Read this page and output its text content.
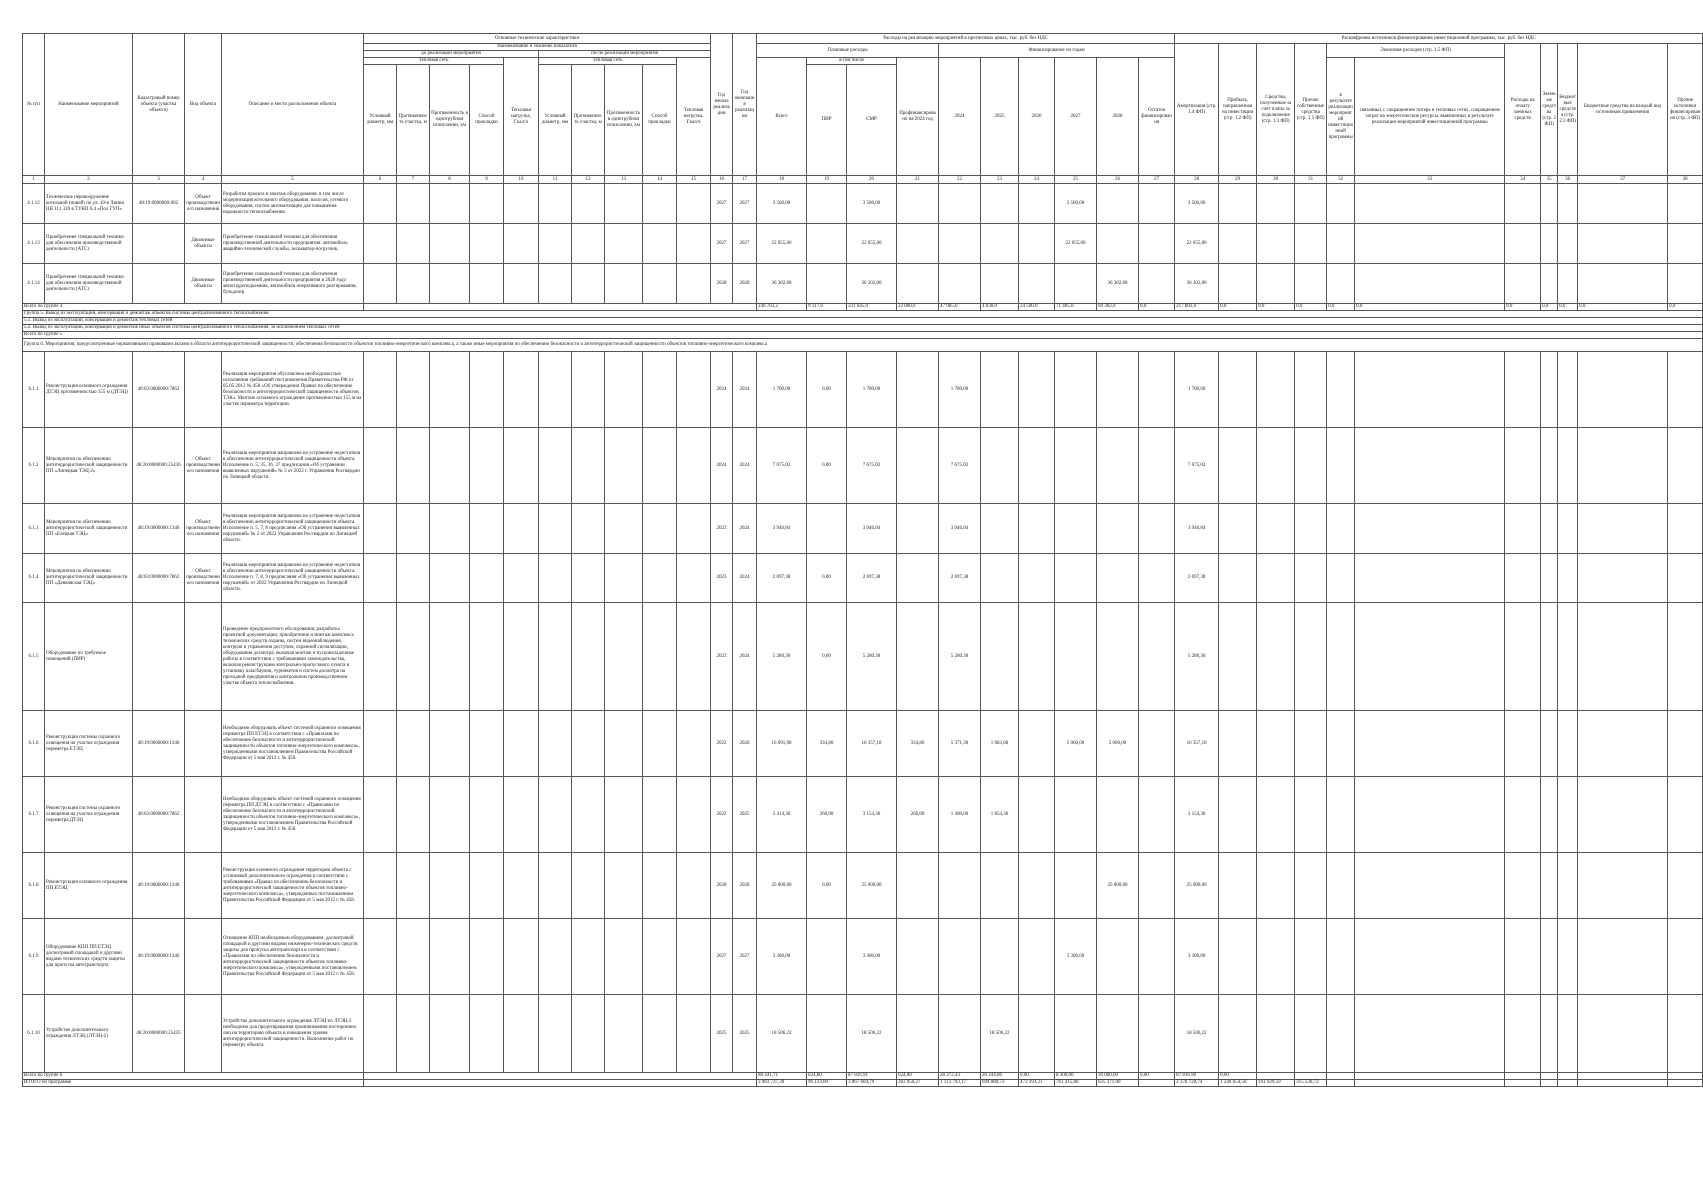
№ п/п	Наименование мероприятий	Кадастровый номер объекта (участка объекта)	Вид объекта	Описание и место расположения объекта	Основные технические характеристики										Год начала реализации	Год окончания реализации	Расходы на реализацию мероприятий в прогнозных ценах, тыс. руб. без НДС										Расшифровка источников финансирования инвестиционной программы, тыс. руб. без НДС										
					Наименование и значение показателя												Плановые расходы				Финансирование по годам						Амортизация (стр. 1.4 ФП)	Прибыль, направленная на инвестиции (стр. 1.2 ФП)	Средства, полученные за счет платы за подключение (стр. 1.3 ФП)	Прочие собственные средства (стр. 1.5 ФП)	Экономия расходов (стр. 1.5 ФП)		Расходы на оплату заемных средств	Заемные средства (стр. 2 ФП)	Бюджетные средства (стр. 2.3 ФП)	Бюджетные средства на каждый вид источников привлечения	Прочие источники финансирования (стр. 3 ФП)
					до реализации мероприятия					после реализации мероприятия																											
					Тепловая сеть				Тепловая нагрузка, Гкал/ч	Тепловая сеть				Тепловая нагрузка, Гкал/ч			Всего	в том числе		Профинансировано на 2024 год	2024	2025	2026	2027	2028	Остаток финансирования					в результате реализации мероприятий инвестиционной программы	связанных с сокращением потерь в тепловых сетях, сокращением затрат на энергетические ресурсы, выявленных в результате реализации мероприятий инвестиционной программы					
					Условный диаметр, мм	Протяженность участка, м	Протяженность в однотрубном исчислении, км	Способ прокладки		Условный диаметр, мм	Протяженность участка, м	Протяженность в однотрубном исчислении, км	Способ прокладки					ПИР	СМР																		

1	2	3	4	5	6	7	8	9	10	11	12	13	14	15	16	17	18	19	20	21	22	23	24	25	26	27	28	29	30	31	32	33	34	35	36	37	38
4.1.12	Техническое перевооружение котельной (новой) по ул. 10-я Линия ЦВ 111 320 в ТУКП 0.4 «Пол ГУП»	48:19:0000000:602	Объект производственного назначения	Разработка проекта и монтаж оборудования, в том числе модернизация котельного оборудования, насосов, сетевого оборудования, систем автоматизации для повышения надежности теплоснабжения.											2027	2027	3 500,00		3 500,00					3 500,00			3 500,00										
4.1.13	Приобретение специальной техники для обеспечения производственной деятельности (АТС)		Движимые объекты	Приобретение специальной техники для обеспечения производственной деятельности предприятия: автомобиль аварийно-технической службы, экскаватор-погрузчик.											2027	2027	22 055,00		22 055,00					22 055,00			22 055,00										
4.1.14	Приобретение специальной техники для обеспечения производственной деятельности (АТС)		Движимые объекты	Приобретение специальной техники для обеспечения производственной деятельности предприятия в 2028 году: автогидроподъемник, автомобили оперативного реагирования, бульдозер.											2028	2028	36 302,00		36 302,00						36 302,00		36 302,00										
Всего по группе 4																	240 763,2	9 117,6	231 645,0	22 860,6	47 965,6	4 030,0	24 500,0	71 405,0	69 302,0	0,0	217 802,6	0,0	0,0	0,0	0,0	0,0	0,0	0,0	0,0	0,0	0,0
Группа 5. Вывод из эксплуатации, консервация и демонтаж объектов системы централизованного теплоснабжения																																					
5.1. Вывод из эксплуатации, консервация и демонтаж тепловых сетей																																					
5.2. Вывод из эксплуатации, консервация и демонтаж иных объектов системы централизованного теплоснабжения, за исключением тепловых сетей																																					
Всего по группе 5																																					
Группа 6. Мероприятия, предусмотренные нормативными правовыми актами в области антитеррористической защищенности, обеспечения безопасности объектов топливно-энергетического комплекса, а также иные мероприятия по обеспечению безопасности и антитеррористической защищенности объектов топливно-энергетического комплекса																																					
6.1.1	Реконструкция основного ограждения ДТЭЦ протяженностью 155 м (ДТЭЦ)	48:03:0000000:7862		Реализация мероприятия обусловлена необходимостью исполнения требований постановления Правительства РФ от 05.05.2012 № 458 «Об утверждении Правил по обеспечению безопасности и антитеррористической защищенности объектов ТЭК». Монтаж основного ограждения протяженностью 155 м на участке периметра территории.											2024	2024	1 700,00	0,00	1 700,00		1 700,00						1 700,00										
6.1.2	Мероприятия по обеспечению антитеррористической защищенности ПП «Липецкая ТЭЦ-2»	48:20:0000000:25436	Объект производственного назначения	Реализация мероприятия направлена на устранение недостатков в обеспечении антитеррористической защищенности объекта. Исполнение п. 5, 35, 36, 37 предписания «Об устранении выявленных нарушений» № 3 от 2022 г. Управления Росгвардии по Липецкой области.											2024	2024	7 675,02	0,00	7 675,02		7 675,02						7 675,02										
6.1.3	Мероприятия по обеспечению антитеррористической защищенности ПП «Елецкая ТЭЦ»	48:19:0000000:1346	Объект производственного назначения	Реализация мероприятия направлена на устранение недостатков в обеспечении антитеррористической защищенности объекта. Исполнение п. 5, 7, 8 предписания «Об устранении выявленных нарушений» № 2 от 2022 Управления Росгвардии по Липецкой области.											2023	2024	3 946,84		3 946,84		3 946,84						3 946,84										
6.1.4	Мероприятия по обеспечению антитеррористической защищенности ПП «Данковская ТЭЦ»	48:03:0000000:7862	Объект производственного назначения	Реализация мероприятия направлена на устранение недостатков в обеспечении антитеррористической защищенности объекта. Исполнение п. 7, 8, 9 предписания «Об устранении выявленных нарушений» от 2022 Управления Росгвардии по Липецкой области.											2023	2024	2 697,38	0,00	2 697,38		2 697,38						2 697,38										
6.1.5	Оборудование по требуемое помещений (ПИР)			Проведение предпроектного обследования, разработка проектной документации, приобретение и монтаж комплекса технических средств охраны, систем видеонаблюдения, контроля и управления доступом, охранной сигнализации, оборудования досмотра, включая монтаж и пусконаладочные работы в соответствии с требованиями законодательства, включая реконструкцию контрольно-пропускного пункта и установку шлагбаумов, турникетов и систем досмотра на проходной предприятия и контрольном производственном участке объекта теплоснабжения.											2023	2024	5 280,30	0,00	5 280,30		5 280,30						5 280,30										
6.1.6	Реконструкция системы охранного освещения на участке ограждения периметра ЕТЭЦ	48:19:0000000:1346		Необходимо оборудовать объект системой охранного освещения периметра ПП ЕТЭЦ в соответствии с «Правилами по обеспечению безопасности и антитеррористической защищенности объектов топливно-энергетического комплекса», утвержденными постановлением Правительства Российской Федерации от 5 мая 2012 г. № 458.											2022	2026	16 691,98	334,80	16 357,18	334,80	5 371,30	1 083,68		5 060,00	5 000,00		16 357,18										
6.1.7	Реконструкция системы охранного освещения на участке ограждения периметра ДТЭЦ	48:03:0000000:7862		Необходимо оборудовать объект системой охранного освещения периметра ПП ДТЭЦ в соответствии с «Правилами по обеспечению безопасности и антитеррористической защищенности объектов топливно-энергетического комплекса», утвержденными постановлением Правительства Российской Федерации от 5 мая 2012 г. № 458.											2022	2025	3 414,36	260,00	3 154,36	260,00	1 300,00	1 854,36					3 154,36										
6.1.8	Реконструкция основного ограждения ПП ЕТЭЦ	48:19:0000000:1346		Реконструкция основного ограждения территории объекта с установкой дополнительного ограждения в соответствии с требованиями «Правил по обеспечению безопасности и антитеррористической защищенности объектов топливно-энергетического комплекса», утвержденных постановлением Правительства Российской Федерации от 5 мая 2012 г. № 458.											2028	2028	25 000,00	0,00	25 000,00						25 000,00		25 000,00										
6.1.9	Оборудование КПП ПП ЕТЭЦ досмотровой площадкой и другими видами технических средств защиты для пропуска автотранспорта	48:19:0000000:1346		Оснащение КПП необходимым оборудованием, досмотровой площадкой и другими видами инженерно-технических средств защиты для пропуска автотранспорта в соответствии с «Правилами по обеспечению безопасности и антитеррористической защищенности объектов топливно-энергетического комплекса», утвержденными постановлением Правительства Российской Федерации от 5 мая 2012 г. № 458.											2027	2027	3 300,00		3 300,00					3 300,00			3 300,00										
6.1.10	Устройство дополнительного ограждения ЛТЭЦ (ЛТЭЦ-2)	48:20:0000000:25435		Устройство дополнительного ограждения ЛТЭЦ по ЛТЭЦ-2 необходимо для предотвращения проникновения посторонних лиц на территорию объекта и повышения уровня антитеррористической защищенности. Выполнение работ по периметру объекта.											2025	2025	18 506,22		18 506,22			18 506,22					18 506,22										
Всего по группе 6																	88 441,71	624,80	87 816,91	624,80	28 272,43	20 244,86	0,00	8 300,00	30 000,00	0,00	87 816,90	0,00									
ИТОГО по программе																	3 983 737,39	96 133,00	3 867 604,79	283 956,27	1 113 793,17	694 080,73	473 193,21	761 415,80	635 371,00		2 378 728,74	1 246 054,50	191 929,59	315 530,72							
